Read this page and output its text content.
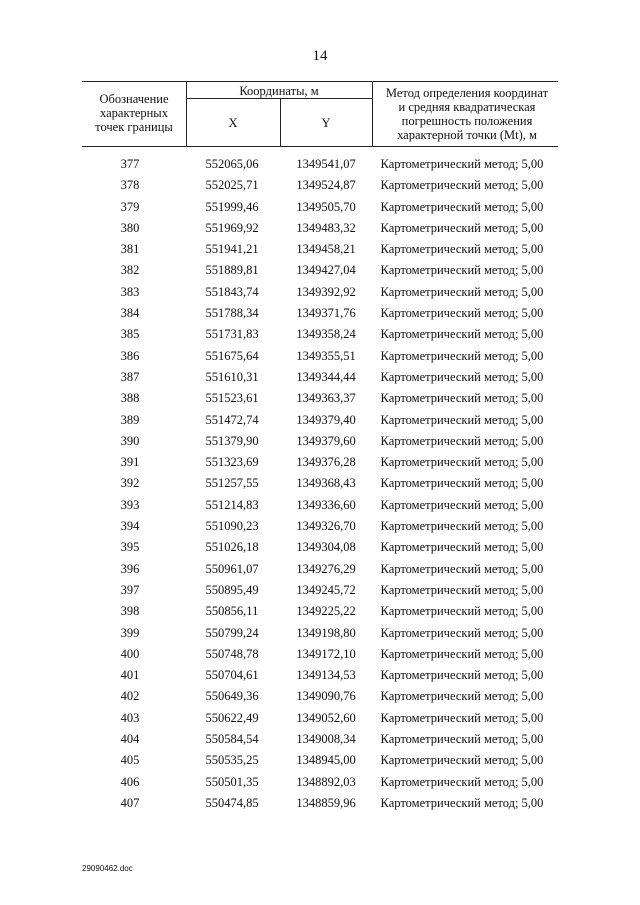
14
Обозначение характерных точек границы
Координаты, м
X	Y
Метод определения координат и средняя квадратическая погрешность положения характерной точки (Mt), м
377	552065,06	1349541,07	Картометрический метод; 5,00
378	552025,71	1349524,87	Картометрический метод; 5,00
379	551999,46	1349505,70	Картометрический метод; 5,00
380	551969,92	1349483,32	Картометрический метод; 5,00
381	551941,21	1349458,21	Картометрический метод; 5,00
382	551889,81	1349427,04	Картометрический метод; 5,00
383	551843,74	1349392,92	Картометрический метод; 5,00
384	551788,34	1349371,76	Картометрический метод; 5,00
385	551731,83	1349358,24	Картометрический метод; 5,00
386	551675,64	1349355,51	Картометрический метод; 5,00
387	551610,31	1349344,44	Картометрический метод; 5,00
388	551523,61	1349363,37	Картометрический метод; 5,00
389	551472,74	1349379,40	Картометрический метод; 5,00
390	551379,90	1349379,60	Картометрический метод; 5,00
391	551323,69	1349376,28	Картометрический метод; 5,00
392	551257,55	1349368,43	Картометрический метод; 5,00
393	551214,83	1349336,60	Картометрический метод; 5,00
394	551090,23	1349326,70	Картометрический метод; 5,00
395	551026,18	1349304,08	Картометрический метод; 5,00
396	550961,07	1349276,29	Картометрический метод; 5,00
397	550895,49	1349245,72	Картометрический метод; 5,00
398	550856,11	1349225,22	Картометрический метод; 5,00
399	550799,24	1349198,80	Картометрический метод; 5,00
400	550748,78	1349172,10	Картометрический метод; 5,00
401	550704,61	1349134,53	Картометрический метод; 5,00
402	550649,36	1349090,76	Картометрический метод; 5,00
403	550622,49	1349052,60	Картометрический метод; 5,00
404	550584,54	1349008,34	Картометрический метод; 5,00
405	550535,25	1348945,00	Картометрический метод; 5,00
406	550501,35	1348892,03	Картометрический метод; 5,00
407	550474,85	1348859,96	Картометрический метод; 5,00
29090462.doc
